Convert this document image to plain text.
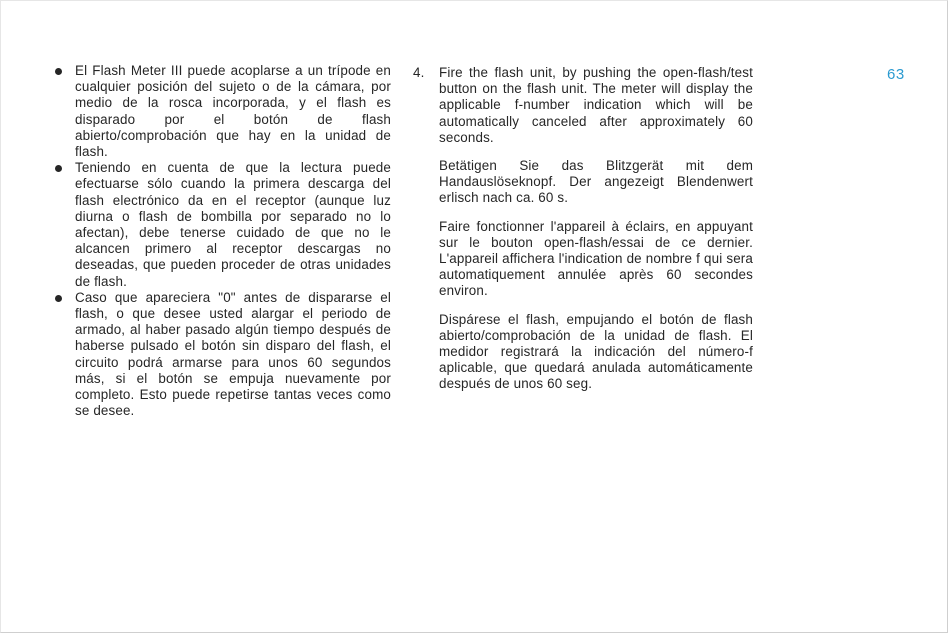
El Flash Meter III puede acoplarse a un trípode en cualquier posición del sujeto o de la cámara, por medio de la rosca incorporada, y el flash es disparado por el botón de flash abierto/comprobación que hay en la unidad de flash.
Teniendo en cuenta de que la lectura puede efectuarse sólo cuando la primera descarga del flash electrónico da en el receptor (aunque luz diurna o flash de bombilla por separado no lo afectan), debe tenerse cuidado de que no le alcancen primero al receptor descargas no deseadas, que pueden proceder de otras unidades de flash.
Caso que apareciera "0" antes de dispararse el flash, o que desee usted alargar el periodo de armado, al haber pasado algún tiempo después de haberse pulsado el botón sin disparo del flash, el circuito podrá armarse para unos 60 segundos más, si el botón se empuja nuevamente por completo. Esto puede repetirse tantas veces como se desee.
4. Fire the flash unit, by pushing the open-flash/test button on the flash unit. The meter will display the applicable f-number indication which will be automatically canceled after approximately 60 seconds.
Betätigen Sie das Blitzgerät mit dem Handauslöseknopf. Der angezeigt Blendenwert erlisch nach ca. 60 s.
Faire fonctionner l'appareil à éclairs, en appuyant sur le bouton open-flash/essai de ce dernier. L'appareil affichera l'indication de nombre f qui sera automatiquement annulée après 60 secondes environ.
Dispárese el flash, empujando el botón de flash abierto/comprobación de la unidad de flash. El medidor registrará la indicación del número-f aplicable, que quedará anulada automáticamente después de unos 60 seg.
63
